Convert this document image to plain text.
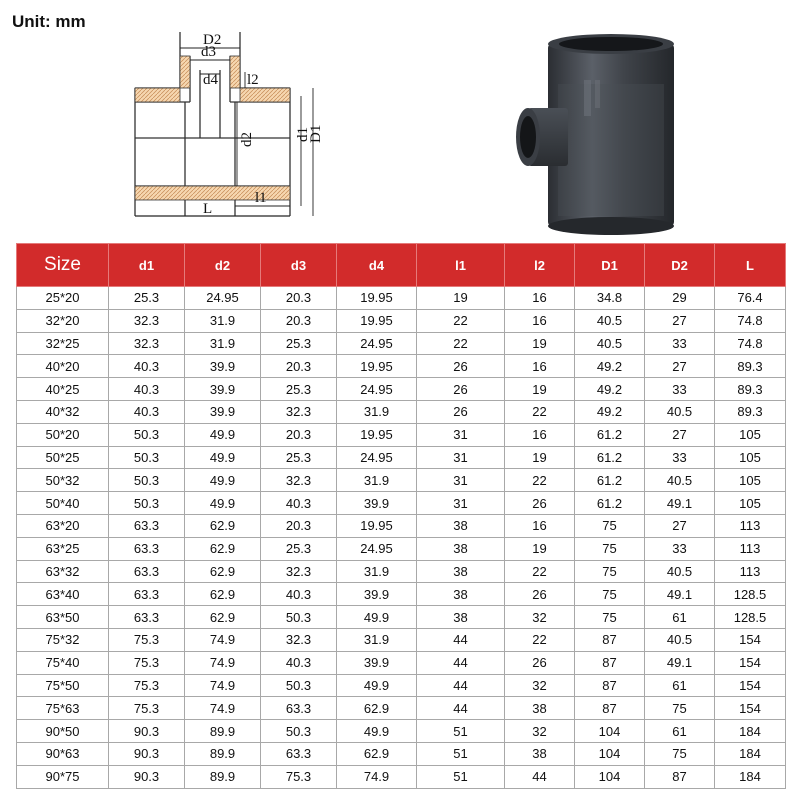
Unit: mm
D2
d3
d4 l2
d2	d1
D1
L
l1
Size	d1	d2	d3	d4	l1	l2	D1	D2	L
25*20	25.3	24.95	20.3	19.95	19	16	34.8	29	76.4
32*20	32.3	31.9	20.3	19.95	22	16	40.5	27	74.8
32*25	32.3	31.9	25.3	24.95	22	19	40.5	33	74.8
40*20	40.3	39.9	20.3	19.95	26	16	49.2	27	89.3
40*25	40.3	39.9	25.3	24.95	26	19	49.2	33	89.3
40*32	40.3	39.9	32.3	31.9	26	22	49.2	40.5	89.3
50*20	50.3	49.9	20.3	19.95	31	16	61.2	27	105
50*25	50.3	49.9	25.3	24.95	31	19	61.2	33	105
50*32	50.3	49.9	32.3	31.9	31	22	61.2	40.5	105
50*40	50.3	49.9	40.3	39.9	31	26	61.2	49.1	105
63*20	63.3	62.9	20.3	19.95	38	16	75	27	113
63*25	63.3	62.9	25.3	24.95	38	19	75	33	113
63*32	63.3	62.9	32.3	31.9	38	22	75	40.5	113
63*40	63.3	62.9	40.3	39.9	38	26	75	49.1	128.5
63*50	63.3	62.9	50.3	49.9	38	32	75	61	128.5
75*32	75.3	74.9	32.3	31.9	44	22	87	40.5	154
75*40	75.3	74.9	40.3	39.9	44	26	87	49.1	154
75*50	75.3	74.9	50.3	49.9	44	32	87	61	154
75*63	75.3	74.9	63.3	62.9	44	38	87	75	154
90*50	90.3	89.9	50.3	49.9	51	32	104	61	184
90*63	90.3	89.9	63.3	62.9	51	38	104	75	184
90*75	90.3	89.9	75.3	74.9	51	44	104	87	184
